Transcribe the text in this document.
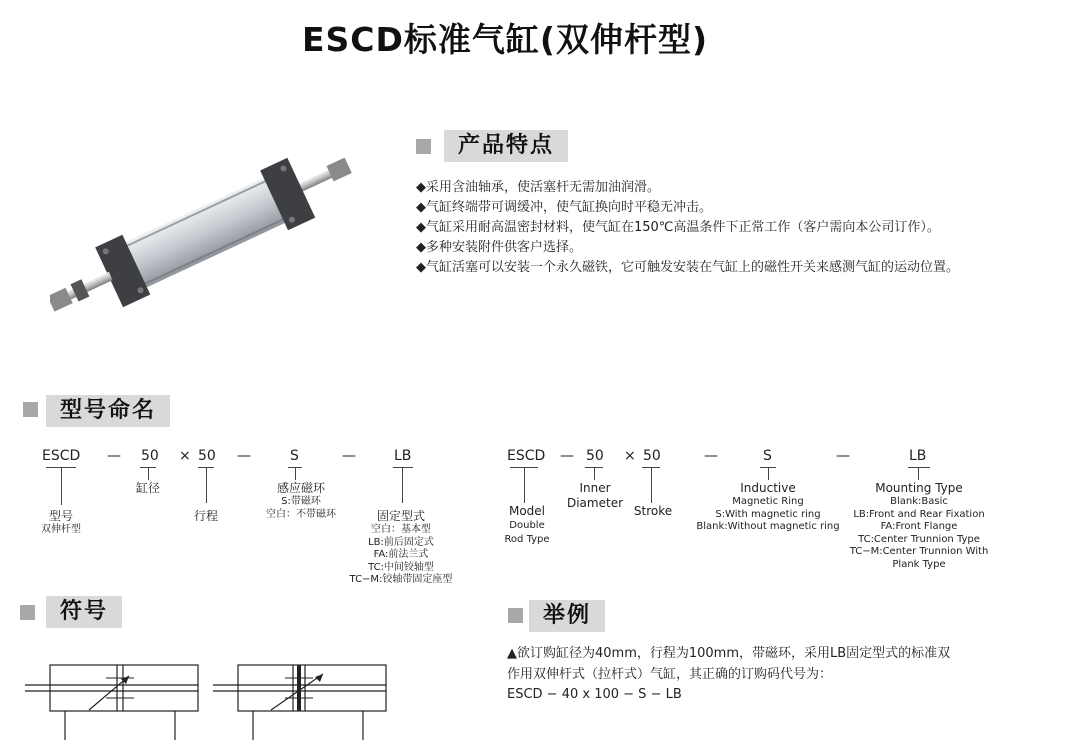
ESCD标准气缸(双伸杆型)
产品特点
◆采用含油轴承，使活塞杆无需加油润滑。
◆气缸终端带可调缓冲，使气缸换向时平稳无冲击。
◆气缸采用耐高温密封材料，使气缸在150℃高温条件下正常工作（客户需向本公司订作）。
◆多种安装附件供客户选择。
◆气缸活塞可以安装一个永久磁铁，它可触发安装在气缸上的磁性开关来感测气缸的运动位置。
型号命名
ESCD — 50 × 50 —	S	—	LB
型号
双伸杆型
缸径
行程
感应磁环
S:带磁环
空白：不带磁环	固定型式
空白：基本型
LB:前后固定式
FA:前法兰式
TC:中间铰轴型
TC−M:铰轴带固定座型
ESCD — 50 × 50	—	S	—	LB
Model
Double
Rod Type
Inner
Diameter
Stroke
Inductive
Magnetic Ring
S:With magnetic ring
Blank:Without magnetic ring
Mounting Type
Blank:Basic
LB:Front and Rear Fixation
FA:Front Flange
TC:Center Trunnion Type
TC−M:Center Trunnion With
Plank Type
符号	举例
▲欲订购缸径为40mm，行程为100mm，带磁环，采用LB固定型式的标准双
作用双伸杆式（拉杆式）气缸，其正确的订购码代号为：
ESCD − 40 x 100 − S − LB
